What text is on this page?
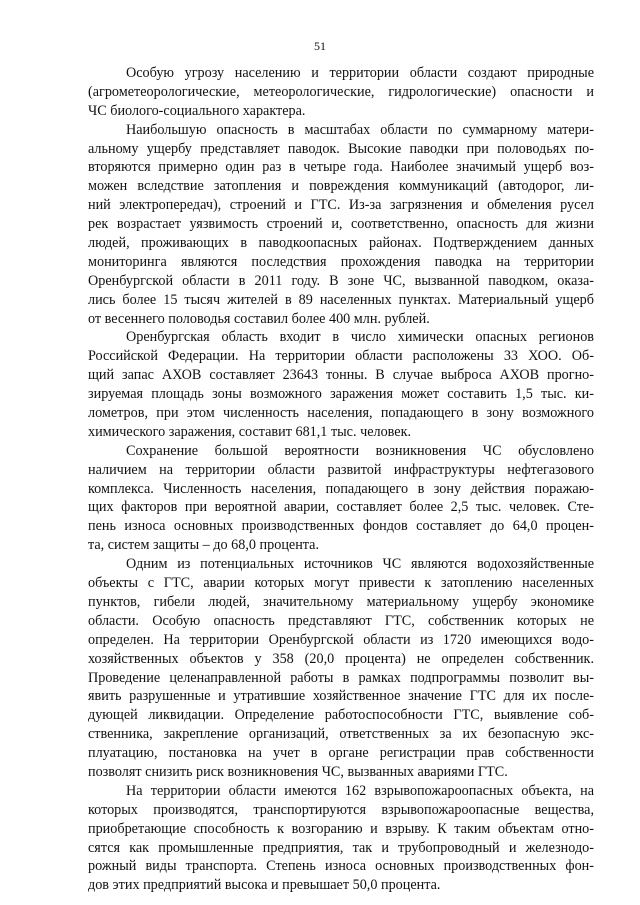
51
Особую угрозу населению и территории области создают природные
(агрометеорологические, метеорологические, гидрологические) опасности и
ЧС биолого-социального характера.
Наибольшую опасность в масштабах области по суммарному матери-
альному ущербу представляет паводок. Высокие паводки при половодьях по-
вторяются примерно один раз в четыре года. Наиболее значимый ущерб воз-
можен вследствие затопления и повреждения коммуникаций (автодорог, ли-
ний электропередач), строений и ГТС. Из-за загрязнения и обмеления русел
рек возрастает уязвимость строений и, соответственно, опасность для жизни
людей, проживающих в паводкоопасных районах. Подтверждением данных
мониторинга являются последствия прохождения паводка на территории
Оренбургской области в 2011 году. В зоне ЧС, вызванной паводком, оказа-
лись более 15 тысяч жителей в 89 населенных пунктах. Материальный ущерб
от весеннего половодья составил более 400 млн. рублей.
Оренбургская область входит в число химически опасных регионов
Российской Федерации. На территории области расположены 33 ХОО. Об-
щий запас АХОВ составляет 23643 тонны. В случае выброса АХОВ прогно-
зируемая площадь зоны возможного заражения может составить 1,5 тыс. ки-
лометров, при этом численность населения, попадающего в зону возможного
химического заражения, составит 681,1 тыс. человек.
Сохранение большой вероятности возникновения ЧС обусловлено
наличием на территории области развитой инфраструктуры нефтегазового
комплекса. Численность населения, попадающего в зону действия поражаю-
щих факторов при вероятной аварии, составляет более 2,5 тыс. человек. Сте-
пень износа основных производственных фондов составляет до 64,0 процен-
та, систем защиты – до 68,0 процента.
Одним из потенциальных источников ЧС являются водохозяйственные
объекты с ГТС, аварии которых могут привести к затоплению населенных
пунктов, гибели людей, значительному материальному ущербу экономике
области. Особую опасность представляют ГТС, собственник которых не
определен. На территории Оренбургской области из 1720 имеющихся водо-
хозяйственных объектов у 358 (20,0 процента) не определен собственник.
Проведение целенаправленной работы в рамках подпрограммы позволит вы-
явить разрушенные и утратившие хозяйственное значение ГТС для их после-
дующей ликвидации. Определение работоспособности ГТС, выявление соб-
ственника, закрепление организаций, ответственных за их безопасную экс-
плуатацию, постановка на учет в органе регистрации прав собственности
позволят снизить риск возникновения ЧС, вызванных авариями ГТС.
На территории области имеются 162 взрывопожароопасных объекта, на
которых производятся, транспортируются взрывопожароопасные вещества,
приобретающие способность к возгоранию и взрыву. К таким объектам отно-
сятся как промышленные предприятия, так и трубопроводный и железнодо-
рожный виды транспорта. Степень износа основных производственных фон-
дов этих предприятий высока и превышает 50,0 процента.
